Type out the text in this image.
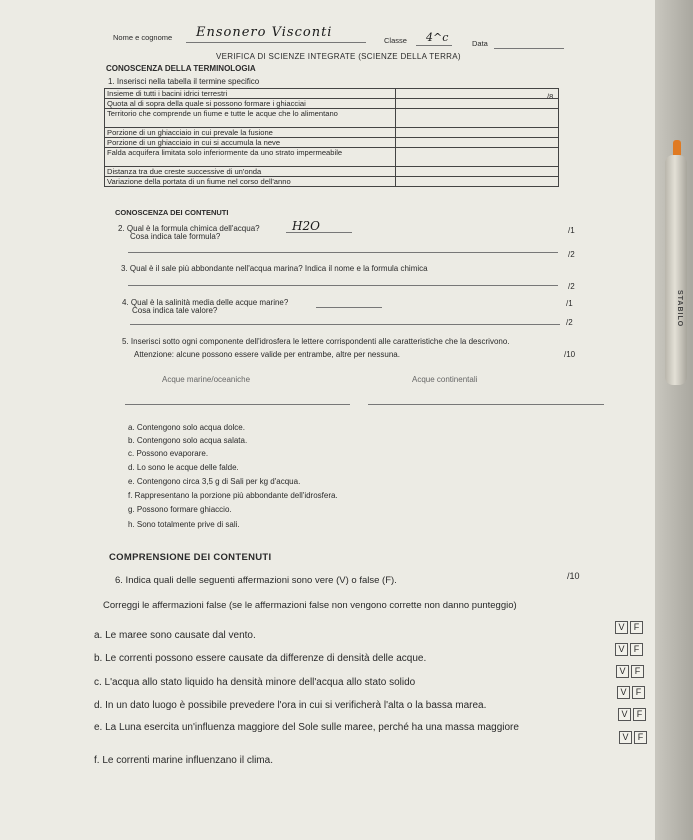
STABILO
Nome e cognome Ensonero Visconti
Classe 4^c	Data
VERIFICA DI SCIENZE INTEGRATE (SCIENZE DELLA TERRA)
CONOSCENZA DELLA TERMINOLOGIA
1. Inserisci nella tabella il termine specifico
/8
Insieme di tutti i bacini idrici terrestri	
Quota al di sopra della quale si possono formare i ghiacciai	
Territorio che comprende un fiume e tutte le acque che lo alimentano	
Porzione di un ghiacciaio in cui prevale la fusione	
Porzione di un ghiacciaio in cui si accumula la neve	
Falda acquifera limitata solo inferiormente da uno strato impermeabile	
Distanza tra due creste successive di un'onda	
Variazione della portata di un fiume nel corso dell'anno	
CONOSCENZA DEI CONTENUTI
2. Qual è la formula chimica dell'acqua?	H2O	/1
Cosa indica tale formula?
/2
3. Qual è il sale più abbondante nell'acqua marina? Indica il nome e la formula chimica
/2
4. Qual è la salinità media delle acque marine?	/1
Cosa indica tale valore?
/2
5. Inserisci sotto ogni componente dell'idrosfera le lettere corrispondenti alle caratteristiche che la descrivono.
Attenzione: alcune possono essere valide per entrambe, altre per nessuna.	/10
Acque marine/oceaniche	Acque continentali
a. Contengono solo acqua dolce.
b. Contengono solo acqua salata.
c. Possono evaporare.
d. Lo sono le acque delle falde.
e. Contengono circa 3,5 g di Sali per kg d'acqua.
f. Rappresentano la porzione più abbondante dell'idrosfera.
g. Possono formare ghiaccio.
h. Sono totalmente prive di sali.
COMPRENSIONE DEI CONTENUTI
6. Indica quali delle seguenti affermazioni sono vere (V) o false (F).	/10
Correggi le affermazioni false (se le affermazioni false non vengono corrette non danno punteggio)
a. Le maree sono causate dal vento.
V	F
b. Le correnti possono essere causate da differenze di densità delle acque.
V	F
c. L'acqua allo stato liquido ha densità minore dell'acqua allo stato solido
V	F
d. In un dato luogo è possibile prevedere l'ora in cui si verificherà l'alta o la bassa marea.
V	F
e. La Luna esercita un'influenza maggiore del Sole sulle maree, perché ha una massa maggiore
V	F
f. Le correnti marine influenzano il clima.
V	F
